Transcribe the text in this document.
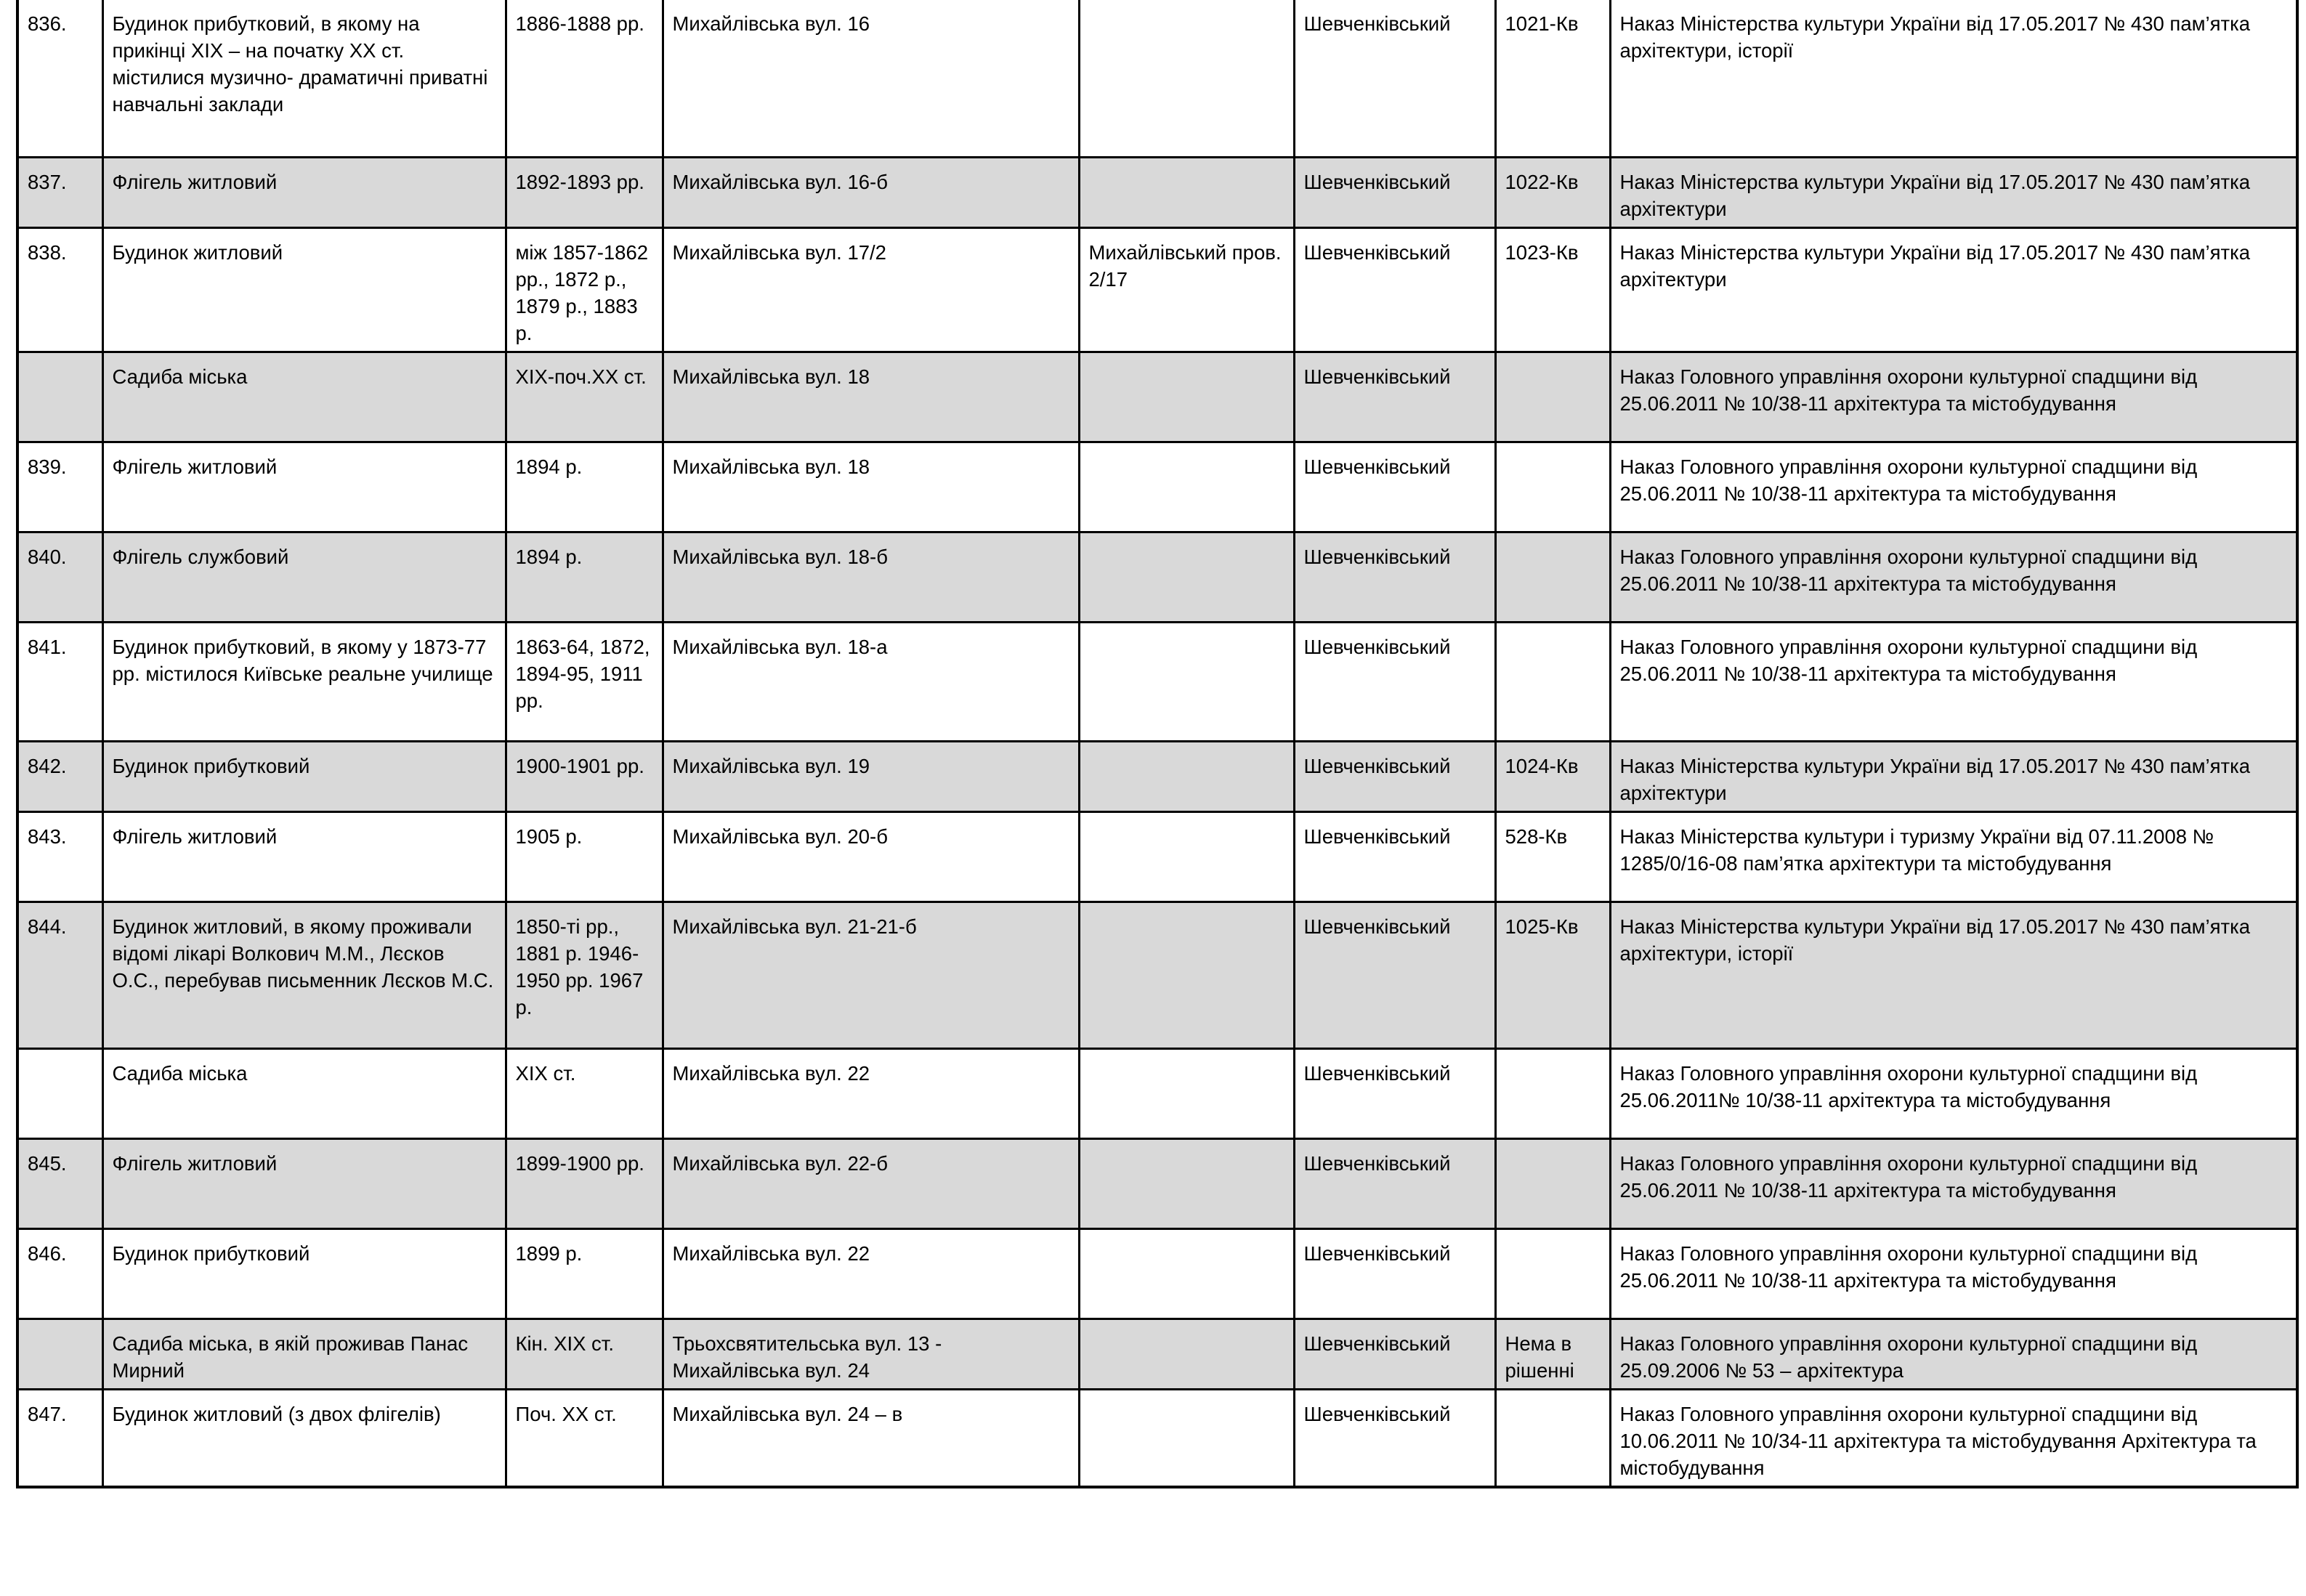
836.	Будинок прибутковий, в якому на прикінці XIX – на початку XX ст. містилися музично- драматичні приватні навчальні заклади	1886-1888 рр.	Михайлівська вул. 16		Шевченківський	1021-Кв	Наказ Міністерства культури України від 17.05.2017 № 430 пам’ятка архітектури, історії
837.	Флігель житловий	1892-1893 рр.	Михайлівська вул. 16-б		Шевченківський	1022-Кв	Наказ Міністерства культури України від 17.05.2017 № 430 пам’ятка архітектури
838.	Будинок житловий	між 1857-1862 рр., 1872 р., 1879 р., 1883 р.	Михайлівська вул. 17/2	Михайлівський пров. 2/17	Шевченківський	1023-Кв	Наказ Міністерства культури України від 17.05.2017 № 430 пам’ятка архітектури
	Садиба міська	XIX-поч.XX ст.	Михайлівська вул. 18		Шевченківський		Наказ Головного управління охорони культурної спадщини від 25.06.2011 № 10/38-11 архітектура та містобудування
839.	Флігель житловий	1894 р.	Михайлівська вул. 18		Шевченківський		Наказ Головного управління охорони культурної спадщини від 25.06.2011 № 10/38-11 архітектура та містобудування
840.	Флігель службовий	1894 р.	Михайлівська вул. 18-б		Шевченківський		Наказ Головного управління охорони культурної спадщини від 25.06.2011 № 10/38-11 архітектура та містобудування
841.	Будинок прибутковий, в якому у 1873-77 рр. містилося Київське реальне училище	1863-64, 1872, 1894-95, 1911 рр.	Михайлівська вул. 18-а		Шевченківський		Наказ Головного управління охорони культурної спадщини від 25.06.2011 № 10/38-11 архітектура та містобудування
842.	Будинок прибутковий	1900-1901 рр.	Михайлівська вул. 19		Шевченківський	1024-Кв	Наказ Міністерства культури України від 17.05.2017 № 430 пам’ятка архітектури
843.	Флігель житловий	1905 р.	Михайлівська вул. 20-б		Шевченківський	528-Кв	Наказ Міністерства культури і туризму України від 07.11.2008 № 1285/0/16-08 пам’ятка архітектури та містобудування
844.	Будинок житловий, в якому проживали відомі лікарі Волкович М.М., Лєсков О.С., перебував письменник Лєсков М.С.	1850-ті рр., 1881 р. 1946-1950 рр. 1967 р.	Михайлівська вул. 21-21-б		Шевченківський	1025-Кв	Наказ Міністерства культури України від 17.05.2017 № 430 пам’ятка архітектури, історії
	Садиба міська	XIX ст.	Михайлівська вул. 22		Шевченківський		Наказ Головного управління охорони культурної спадщини від 25.06.2011№ 10/38-11 архітектура та містобудування
845.	Флігель житловий	1899-1900 рр.	Михайлівська вул. 22-б		Шевченківський		Наказ Головного управління охорони культурної спадщини від 25.06.2011 № 10/38-11 архітектура та містобудування
846.	Будинок прибутковий	1899 р.	Михайлівська вул. 22		Шевченківський		Наказ Головного управління охорони культурної спадщини від 25.06.2011 № 10/38-11 архітектура та містобудування
	Садиба міська, в якій проживав Панас Мирний	Кін. XIX ст.	Трьохсвятительська вул. 13 - Михайлівська вул. 24		Шевченківський	Нема в рішенні	Наказ Головного управління охорони культурної спадщини від 25.09.2006 № 53 – архітектура
847.	Будинок житловий (з двох флігелів)	Поч. XX ст.	Михайлівська вул. 24 – в		Шевченківський		Наказ Головного управління охорони культурної спадщини від 10.06.2011 № 10/34-11 архітектура та містобудування Архітектура та містобудування
